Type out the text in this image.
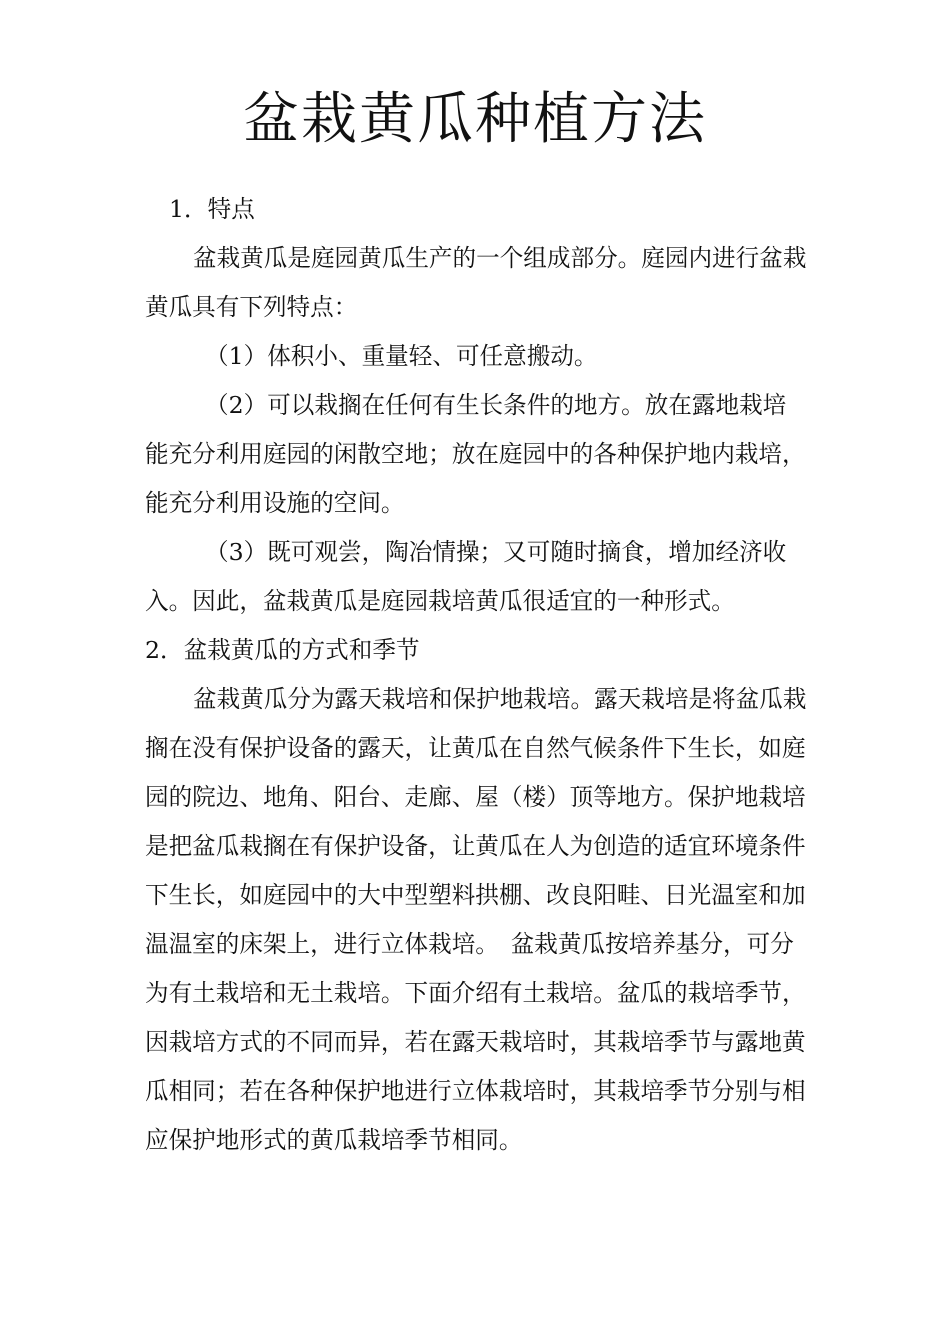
盆栽黄瓜种植方法

1．特点

盆栽黄瓜是庭园黄瓜生产的一个组成部分。庭园内进行盆栽黄瓜具有下列特点：

（1）体积小、重量轻、可任意搬动。

（2）可以栽搁在任何有生长条件的地方。放在露地栽培能充分利用庭园的闲散空地；放在庭园中的各种保护地内栽培，能充分利用设施的空间。

（3）既可观尝，陶冶情操；又可随时摘食，增加经济收入。因此，盆栽黄瓜是庭园栽培黄瓜很适宜的一种形式。

2．盆栽黄瓜的方式和季节

盆栽黄瓜分为露天栽培和保护地栽培。露天栽培是将盆瓜栽搁在没有保护设备的露天，让黄瓜在自然气候条件下生长，如庭园的院边、地角、阳台、走廊、屋（楼）顶等地方。保护地栽培是把盆瓜栽搁在有保护设备，让黄瓜在人为创造的适宜环境条件下生长，如庭园中的大中型塑料拱棚、改良阳畦、日光温室和加温温室的床架上，进行立体栽培。　盆栽黄瓜按培养基分，可分为有土栽培和无土栽培。下面介绍有土栽培。盆瓜的栽培季节，因栽培方式的不同而异，若在露天栽培时，其栽培季节与露地黄瓜相同；若在各种保护地进行立体栽培时，其栽培季节分别与相应保护地形式的黄瓜栽培季节相同。
